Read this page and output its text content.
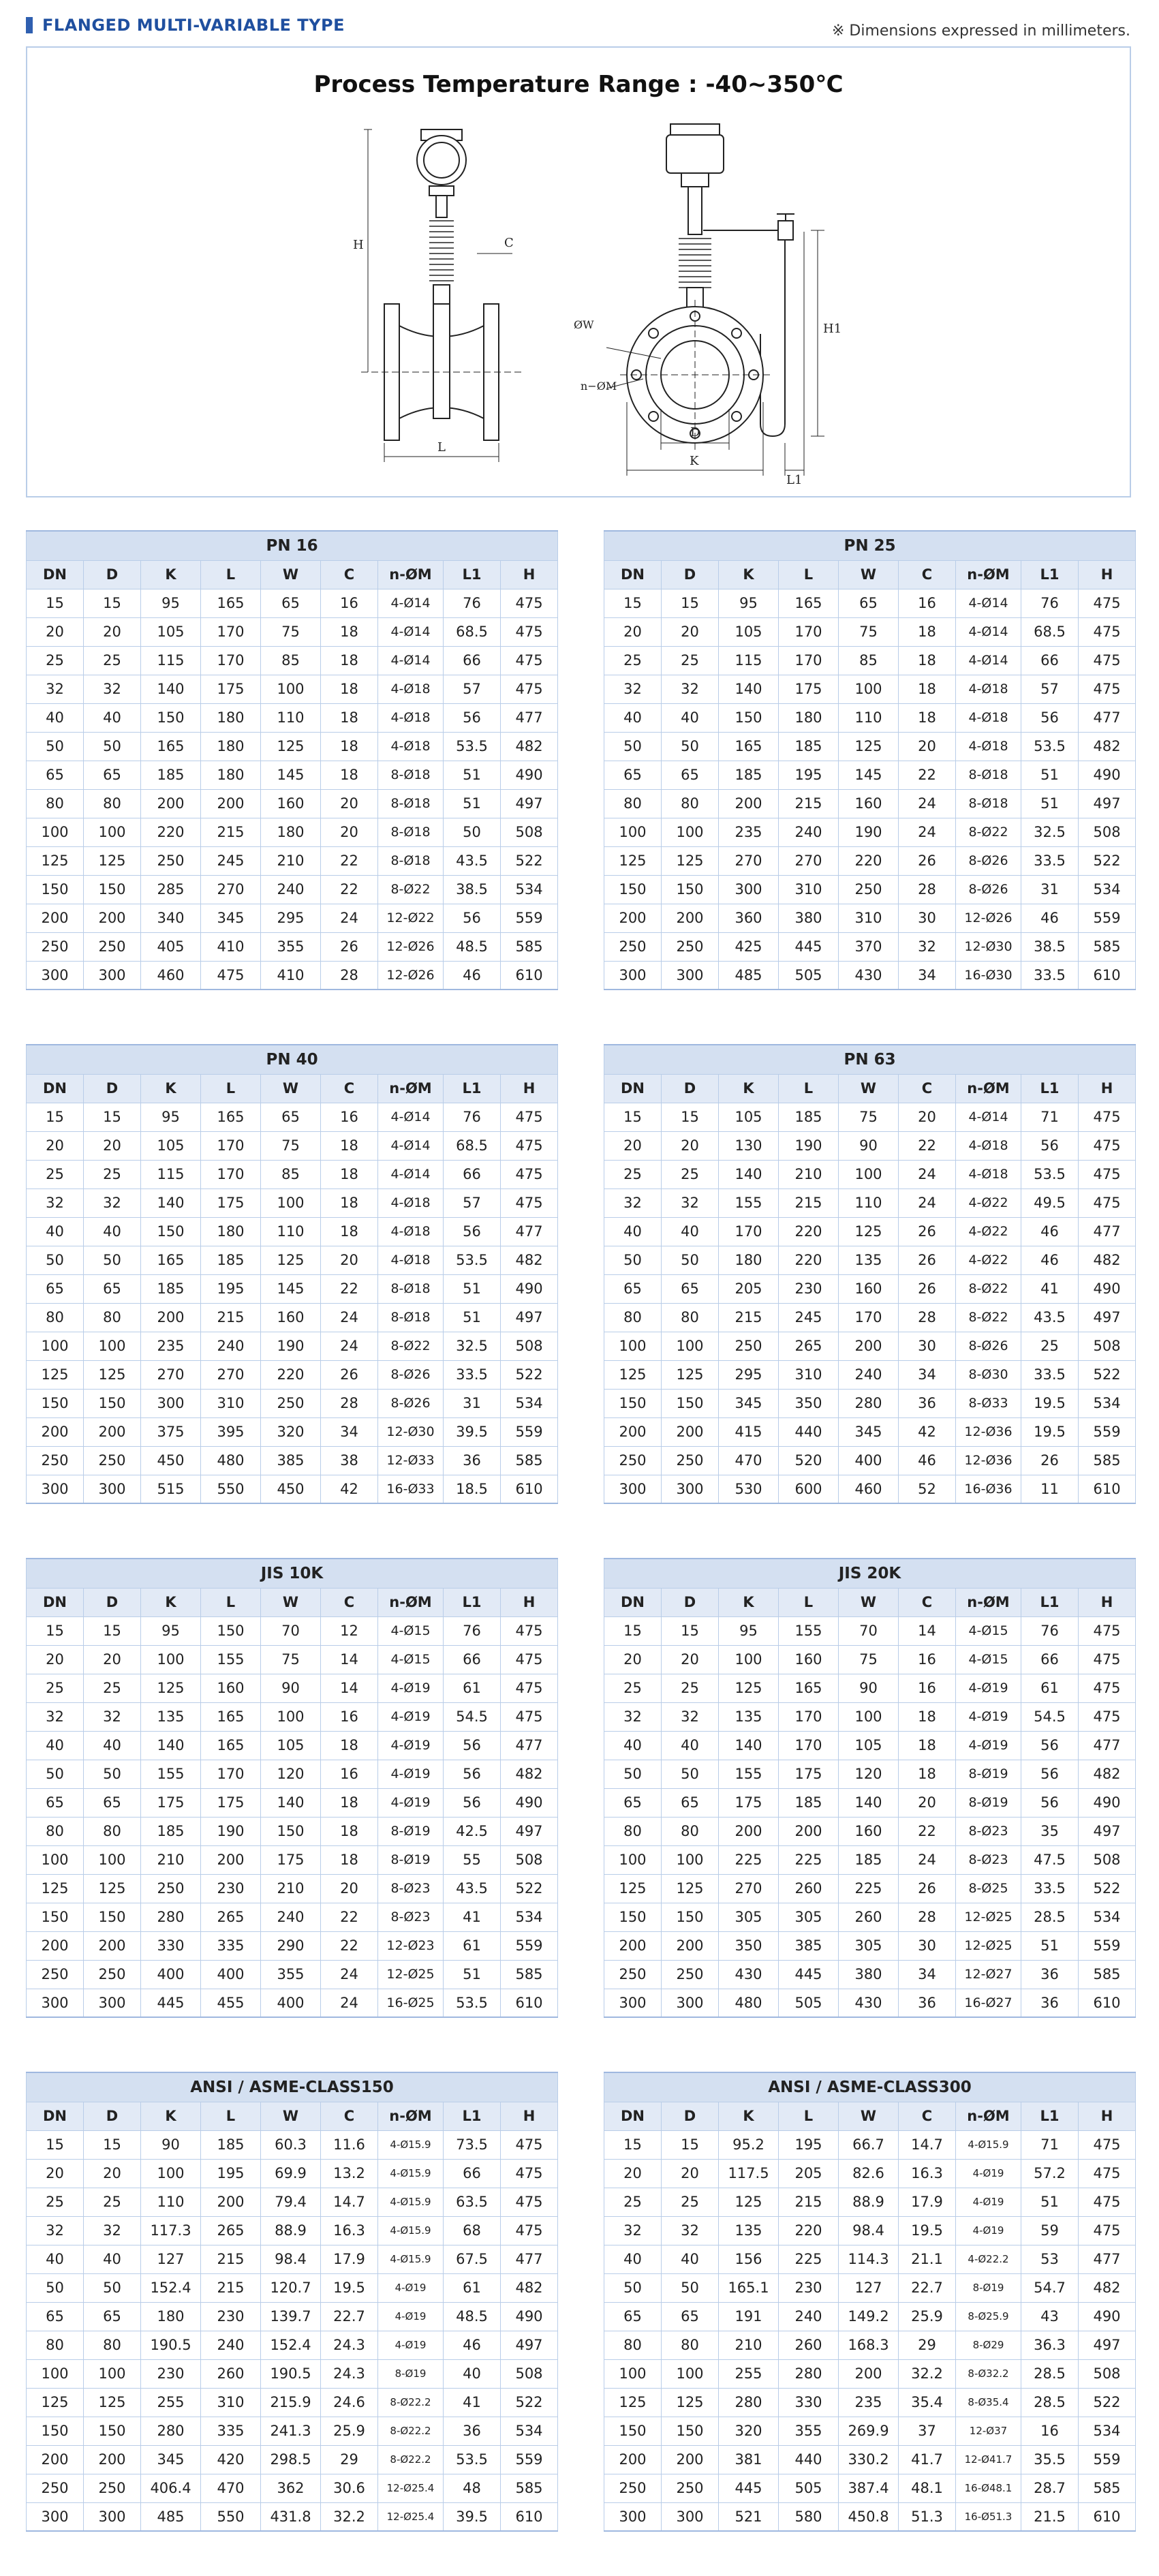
FLANGED MULTI-VARIABLE TYPE	※ Dimensions expressed in millimeters.
Process Temperature Range : -40~350℃
H	C
L
ØW
n−ØM
D
K
H1
L1
PN 16								
DN	D	K	L	W	C	n-ØM	L1	H
15	15	95	165	65	16	4-Ø14	76	475
20	20	105	170	75	18	4-Ø14	68.5	475
25	25	115	170	85	18	4-Ø14	66	475
32	32	140	175	100	18	4-Ø18	57	475
40	40	150	180	110	18	4-Ø18	56	477
50	50	165	180	125	18	4-Ø18	53.5	482
65	65	185	180	145	18	8-Ø18	51	490
80	80	200	200	160	20	8-Ø18	51	497
100	100	220	215	180	20	8-Ø18	50	508
125	125	250	245	210	22	8-Ø18	43.5	522
150	150	285	270	240	22	8-Ø22	38.5	534
200	200	340	345	295	24	12-Ø22	56	559
250	250	405	410	355	26	12-Ø26	48.5	585
300	300	460	475	410	28	12-Ø26	46	610
PN 25								
DN	D	K	L	W	C	n-ØM	L1	H
15	15	95	165	65	16	4-Ø14	76	475
20	20	105	170	75	18	4-Ø14	68.5	475
25	25	115	170	85	18	4-Ø14	66	475
32	32	140	175	100	18	4-Ø18	57	475
40	40	150	180	110	18	4-Ø18	56	477
50	50	165	185	125	20	4-Ø18	53.5	482
65	65	185	195	145	22	8-Ø18	51	490
80	80	200	215	160	24	8-Ø18	51	497
100	100	235	240	190	24	8-Ø22	32.5	508
125	125	270	270	220	26	8-Ø26	33.5	522
150	150	300	310	250	28	8-Ø26	31	534
200	200	360	380	310	30	12-Ø26	46	559
250	250	425	445	370	32	12-Ø30	38.5	585
300	300	485	505	430	34	16-Ø30	33.5	610
PN 40								
DN	D	K	L	W	C	n-ØM	L1	H
15	15	95	165	65	16	4-Ø14	76	475
20	20	105	170	75	18	4-Ø14	68.5	475
25	25	115	170	85	18	4-Ø14	66	475
32	32	140	175	100	18	4-Ø18	57	475
40	40	150	180	110	18	4-Ø18	56	477
50	50	165	185	125	20	4-Ø18	53.5	482
65	65	185	195	145	22	8-Ø18	51	490
80	80	200	215	160	24	8-Ø18	51	497
100	100	235	240	190	24	8-Ø22	32.5	508
125	125	270	270	220	26	8-Ø26	33.5	522
150	150	300	310	250	28	8-Ø26	31	534
200	200	375	395	320	34	12-Ø30	39.5	559
250	250	450	480	385	38	12-Ø33	36	585
300	300	515	550	450	42	16-Ø33	18.5	610
PN 63								
DN	D	K	L	W	C	n-ØM	L1	H
15	15	105	185	75	20	4-Ø14	71	475
20	20	130	190	90	22	4-Ø18	56	475
25	25	140	210	100	24	4-Ø18	53.5	475
32	32	155	215	110	24	4-Ø22	49.5	475
40	40	170	220	125	26	4-Ø22	46	477
50	50	180	220	135	26	4-Ø22	46	482
65	65	205	230	160	26	8-Ø22	41	490
80	80	215	245	170	28	8-Ø22	43.5	497
100	100	250	265	200	30	8-Ø26	25	508
125	125	295	310	240	34	8-Ø30	33.5	522
150	150	345	350	280	36	8-Ø33	19.5	534
200	200	415	440	345	42	12-Ø36	19.5	559
250	250	470	520	400	46	12-Ø36	26	585
300	300	530	600	460	52	16-Ø36	11	610
JIS 10K								
DN	D	K	L	W	C	n-ØM	L1	H
15	15	95	150	70	12	4-Ø15	76	475
20	20	100	155	75	14	4-Ø15	66	475
25	25	125	160	90	14	4-Ø19	61	475
32	32	135	165	100	16	4-Ø19	54.5	475
40	40	140	165	105	18	4-Ø19	56	477
50	50	155	170	120	16	4-Ø19	56	482
65	65	175	175	140	18	4-Ø19	56	490
80	80	185	190	150	18	8-Ø19	42.5	497
100	100	210	200	175	18	8-Ø19	55	508
125	125	250	230	210	20	8-Ø23	43.5	522
150	150	280	265	240	22	8-Ø23	41	534
200	200	330	335	290	22	12-Ø23	61	559
250	250	400	400	355	24	12-Ø25	51	585
300	300	445	455	400	24	16-Ø25	53.5	610
JIS 20K								
DN	D	K	L	W	C	n-ØM	L1	H
15	15	95	155	70	14	4-Ø15	76	475
20	20	100	160	75	16	4-Ø15	66	475
25	25	125	165	90	16	4-Ø19	61	475
32	32	135	170	100	18	4-Ø19	54.5	475
40	40	140	170	105	18	4-Ø19	56	477
50	50	155	175	120	18	8-Ø19	56	482
65	65	175	185	140	20	8-Ø19	56	490
80	80	200	200	160	22	8-Ø23	35	497
100	100	225	225	185	24	8-Ø23	47.5	508
125	125	270	260	225	26	8-Ø25	33.5	522
150	150	305	305	260	28	12-Ø25	28.5	534
200	200	350	385	305	30	12-Ø25	51	559
250	250	430	445	380	34	12-Ø27	36	585
300	300	480	505	430	36	16-Ø27	36	610
ANSI / ASME-CLASS150								
DN	D	K	L	W	C	n-ØM	L1	H
15	15	90	185	60.3	11.6	4-Ø15.9	73.5	475
20	20	100	195	69.9	13.2	4-Ø15.9	66	475
25	25	110	200	79.4	14.7	4-Ø15.9	63.5	475
32	32	117.3	265	88.9	16.3	4-Ø15.9	68	475
40	40	127	215	98.4	17.9	4-Ø15.9	67.5	477
50	50	152.4	215	120.7	19.5	4-Ø19	61	482
65	65	180	230	139.7	22.7	4-Ø19	48.5	490
80	80	190.5	240	152.4	24.3	4-Ø19	46	497
100	100	230	260	190.5	24.3	8-Ø19	40	508
125	125	255	310	215.9	24.6	8-Ø22.2	41	522
150	150	280	335	241.3	25.9	8-Ø22.2	36	534
200	200	345	420	298.5	29	8-Ø22.2	53.5	559
250	250	406.4	470	362	30.6	12-Ø25.4	48	585
300	300	485	550	431.8	32.2	12-Ø25.4	39.5	610
ANSI / ASME-CLASS300								
DN	D	K	L	W	C	n-ØM	L1	H
15	15	95.2	195	66.7	14.7	4-Ø15.9	71	475
20	20	117.5	205	82.6	16.3	4-Ø19	57.2	475
25	25	125	215	88.9	17.9	4-Ø19	51	475
32	32	135	220	98.4	19.5	4-Ø19	59	475
40	40	156	225	114.3	21.1	4-Ø22.2	53	477
50	50	165.1	230	127	22.7	8-Ø19	54.7	482
65	65	191	240	149.2	25.9	8-Ø25.9	43	490
80	80	210	260	168.3	29	8-Ø29	36.3	497
100	100	255	280	200	32.2	8-Ø32.2	28.5	508
125	125	280	330	235	35.4	8-Ø35.4	28.5	522
150	150	320	355	269.9	37	12-Ø37	16	534
200	200	381	440	330.2	41.7	12-Ø41.7	35.5	559
250	250	445	505	387.4	48.1	16-Ø48.1	28.7	585
300	300	521	580	450.8	51.3	16-Ø51.3	21.5	610
